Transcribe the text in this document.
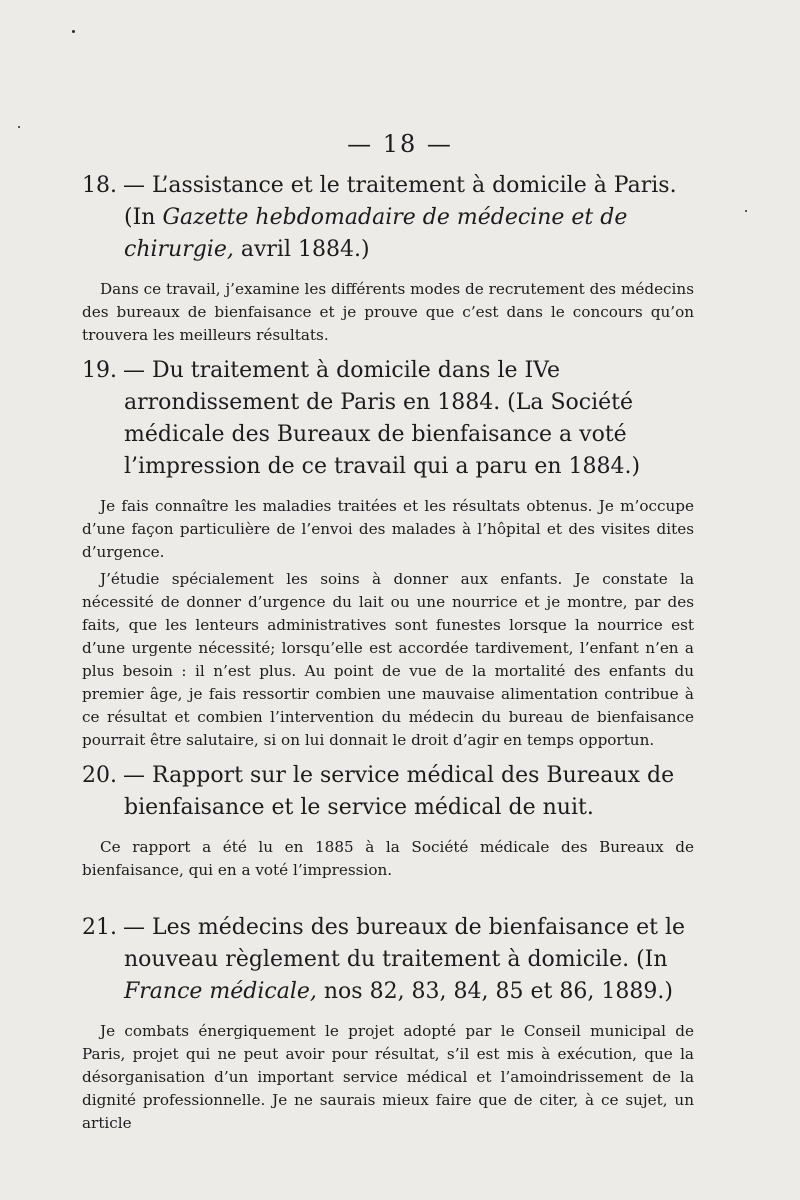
— 18 —
18. — L’assistance et le traitement à domicile à Paris. (In Gazette hebdomadaire de médecine et de chirurgie, avril 1884.)

Dans ce travail, j’examine les différents modes de recrutement des médecins des bureaux de bienfaisance et je prouve que c’est dans le concours qu’on trouvera les meilleurs résultats.

19. — Du traitement à domicile dans le IVe arrondissement de Paris en 1884. (La Société médicale des Bureaux de bienfaisance a voté l’impression de ce travail qui a paru en 1884.)

Je fais connaître les maladies traitées et les résultats obtenus. Je m’occupe d’une façon particulière de l’envoi des malades à l’hôpital et des visites dites d’urgence.

J’étudie spécialement les soins à donner aux enfants. Je constate la nécessité de donner d’urgence du lait ou une nourrice et je montre, par des faits, que les lenteurs administratives sont funestes lorsque la nourrice est d’une urgente nécessité; lorsqu’elle est accordée tardivement, l’enfant n’en a plus besoin : il n’est plus. Au point de vue de la mortalité des enfants du premier âge, je fais ressortir combien une mauvaise alimentation contribue à ce résultat et combien l’intervention du médecin du bureau de bienfaisance pourrait être salutaire, si on lui donnait le droit d’agir en temps opportun.

20. — Rapport sur le service médical des Bureaux de bienfaisance et le service médical de nuit.

Ce rapport a été lu en 1885 à la Société médicale des Bureaux de bienfaisance, qui en a voté l’impression.

21. — Les médecins des bureaux de bienfaisance et le nouveau règlement du traitement à domicile. (In France médicale, nos 82, 83, 84, 85 et 86, 1889.)

Je combats énergiquement le projet adopté par le Conseil municipal de Paris, projet qui ne peut avoir pour résultat, s’il est mis à exécution, que la désorganisation d’un important service médical et l’amoindrissement de la dignité professionnelle. Je ne saurais mieux faire que de citer, à ce sujet, un article
